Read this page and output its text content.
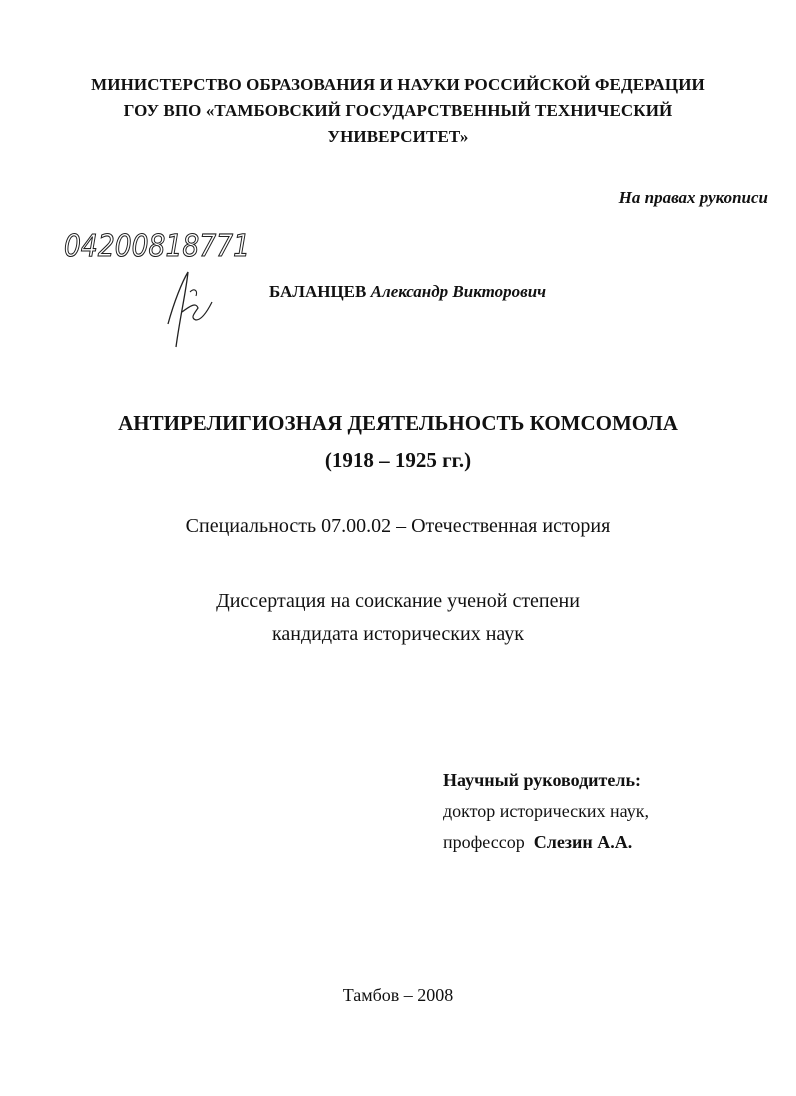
МИНИСТЕРСТВО ОБРАЗОВАНИЯ И НАУКИ РОССИЙСКОЙ ФЕДЕРАЦИИ
ГОУ ВПО «ТАМБОВСКИЙ ГОСУДАРСТВЕННЫЙ ТЕХНИЧЕСКИЙ
УНИВЕРСИТЕТ»
На правах рукописи
04200818771
БАЛАНЦЕВ Александр Викторович
АНТИРЕЛИГИОЗНАЯ ДЕЯТЕЛЬНОСТЬ КОМСОМОЛА
(1918 – 1925 гг.)
Специальность 07.00.02 – Отечественная история
Диссертация на соискание ученой степени
кандидата исторических наук
Научный руководитель:
доктор исторических наук,
профессор Слезин А.А.
Тамбов – 2008
